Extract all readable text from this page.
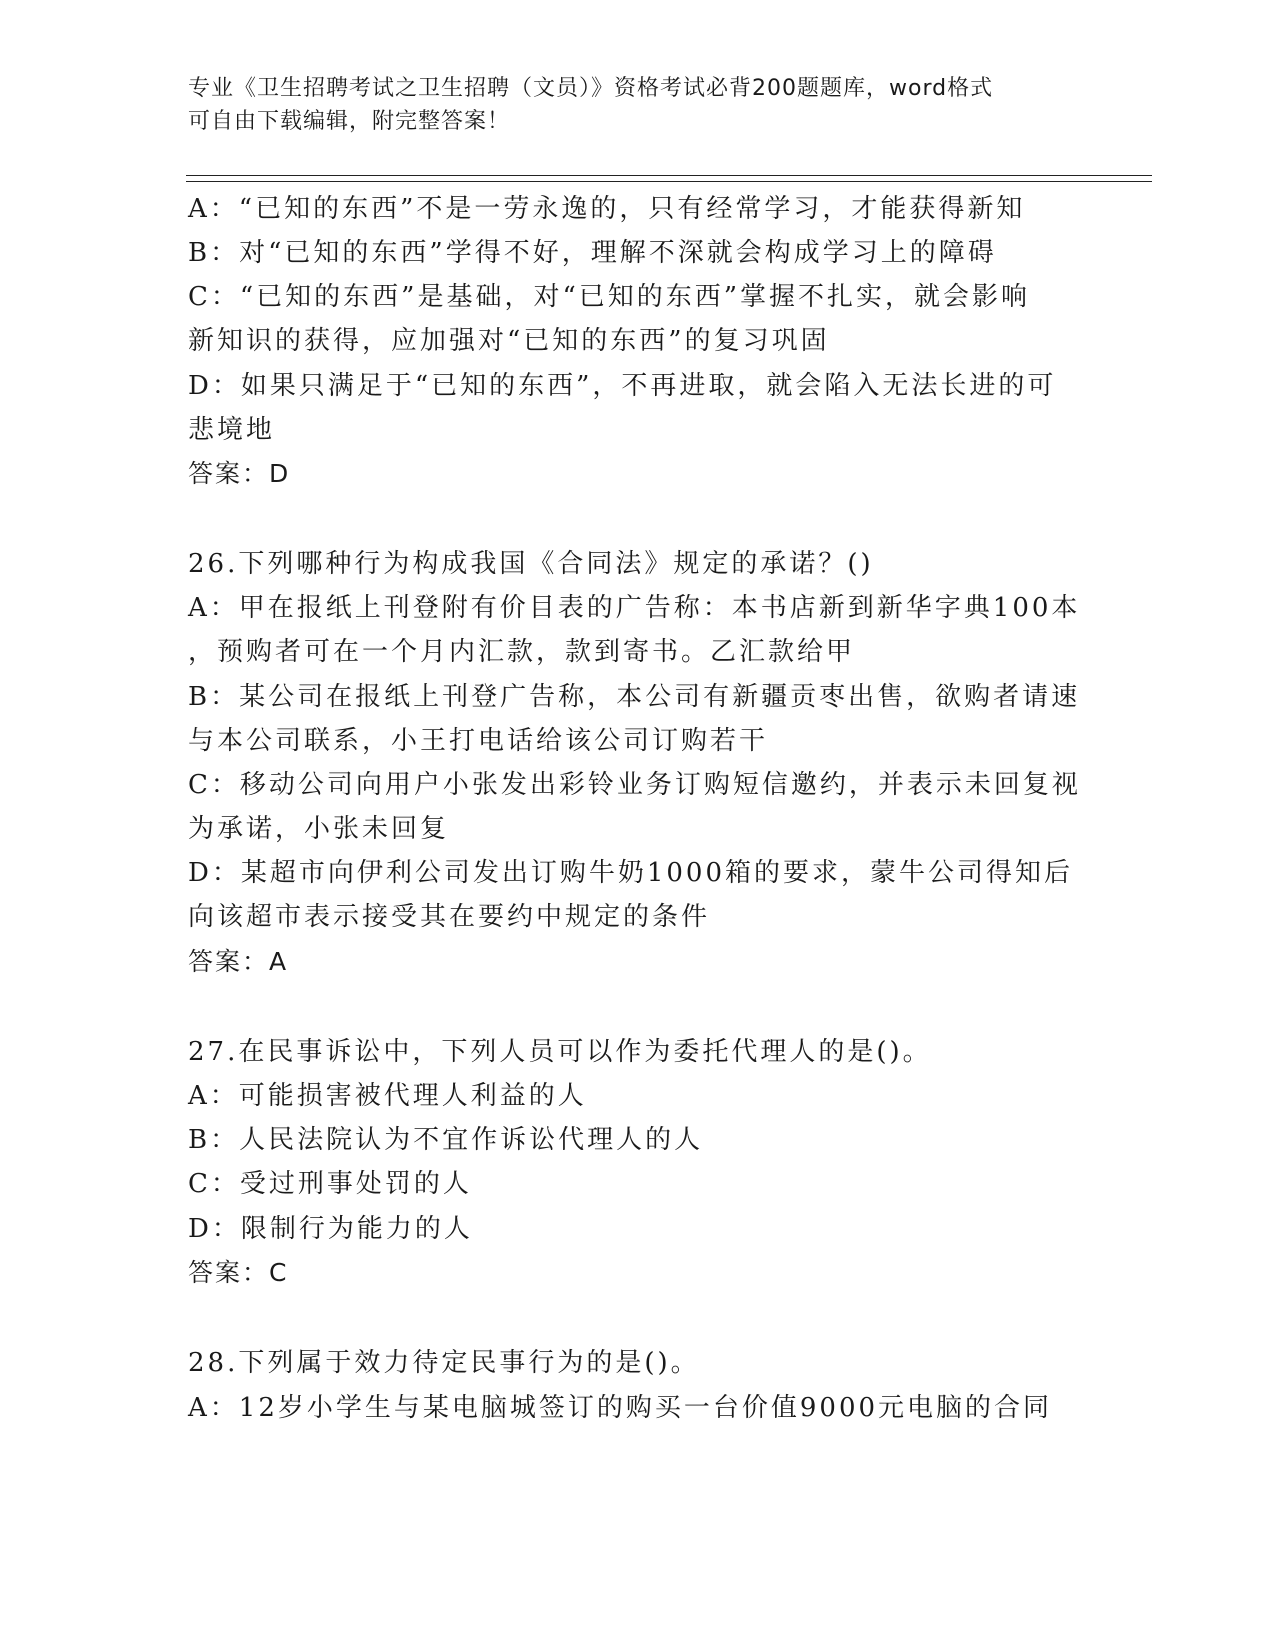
专业《卫生招聘考试之卫生招聘（文员）》资格考试必背200题题库，word格式
可自由下载编辑，附完整答案！
A：“已知的东西”不是一劳永逸的，只有经常学习，才能获得新知
B：对“已知的东西”学得不好，理解不深就会构成学习上的障碍
C：“已知的东西”是基础，对“已知的东西”掌握不扎实，就会影响
新知识的获得，应加强对“已知的东西”的复习巩固
D：如果只满足于“已知的东西”，不再进取，就会陷入无法长进的可
悲境地
答案：D
26.下列哪种行为构成我国《合同法》规定的承诺？()
A：甲在报纸上刊登附有价目表的广告称：本书店新到新华字典100本
，预购者可在一个月内汇款，款到寄书。乙汇款给甲
B：某公司在报纸上刊登广告称，本公司有新疆贡枣出售，欲购者请速
与本公司联系，小王打电话给该公司订购若干
C：移动公司向用户小张发出彩铃业务订购短信邀约，并表示未回复视
为承诺，小张未回复
D：某超市向伊利公司发出订购牛奶1000箱的要求，蒙牛公司得知后
向该超市表示接受其在要约中规定的条件
答案：A
27.在民事诉讼中，下列人员可以作为委托代理人的是()。
A：可能损害被代理人利益的人
B：人民法院认为不宜作诉讼代理人的人
C：受过刑事处罚的人
D：限制行为能力的人
答案：C
28.下列属于效力待定民事行为的是()。
A：12岁小学生与某电脑城签订的购买一台价值9000元电脑的合同
